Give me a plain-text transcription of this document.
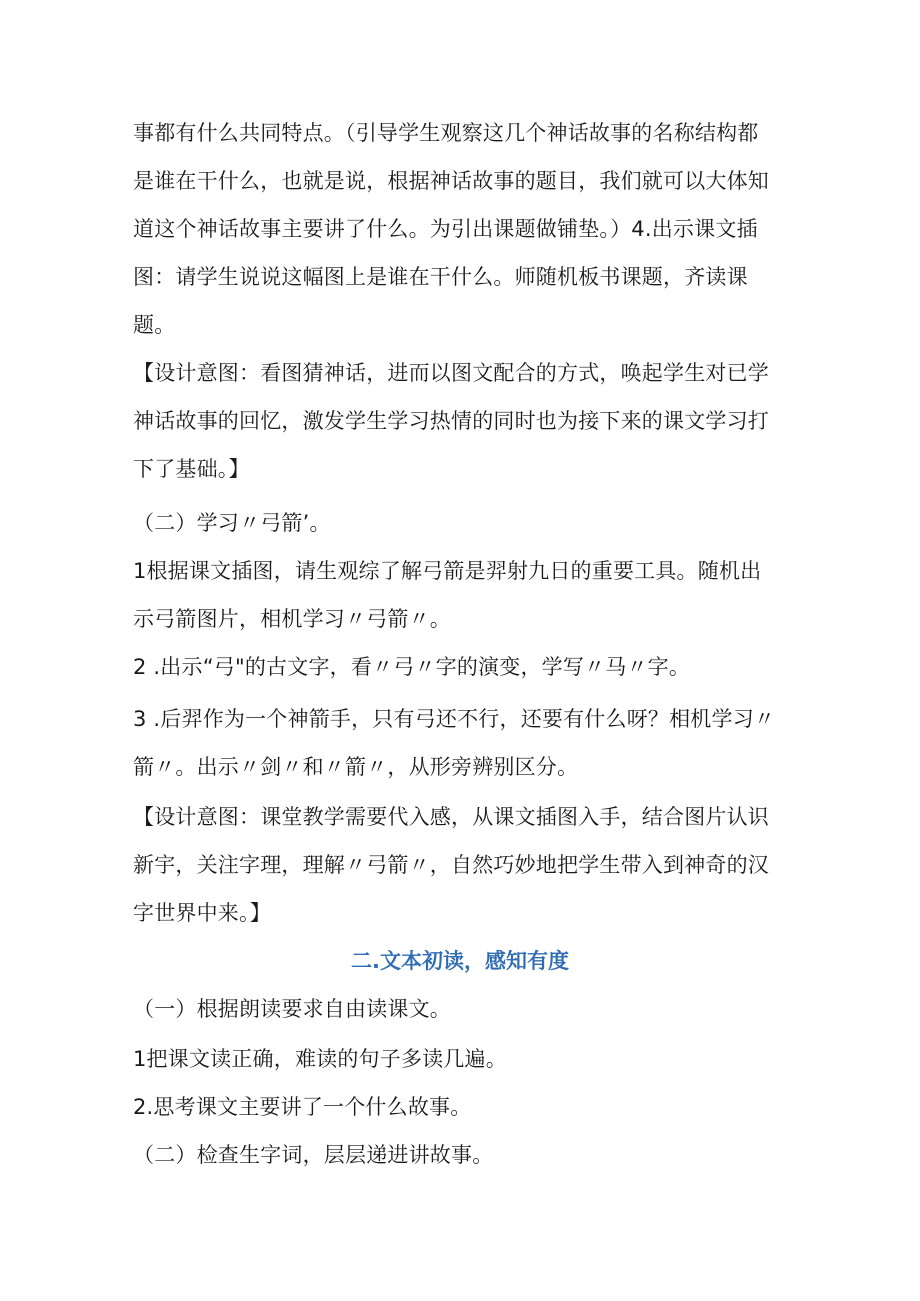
事都有什么共同特点。（引导学生观察这几个神话故事的名称结构都
是谁在干什么，也就是说，根据神话故事的题目，我们就可以大体知
道这个神话故事主要讲了什么。为引出课题做铺垫。）4.出示课文插
图：请学生说说这幅图上是谁在干什么。师随机板书课题，齐读课
题。
【设计意图：看图猜神话，进而以图文配合的方式，唤起学生对已学
神话故事的回忆，激发学生学习热情的同时也为接下来的课文学习打
下了基础。】
（二）学习〃弓箭’。
1根据课文插图，请生观综了解弓箭是羿射九日的重要工具。随机出
示弓箭图片，相机学习〃弓箭〃。
2 .出示“弓"的古文字，看〃弓〃字的演变，学写〃马〃字。
3 .后羿作为一个神箭手，只有弓还不行，还要有什么呀？相机学习〃
箭〃。出示〃剑〃和〃箭〃，从形旁辨别区分。
【设计意图：课堂教学需要代入感，从课文插图入手，结合图片认识
新宇，关注字理，理解〃弓箭〃，自然巧妙地把学生带入到神奇的汉
字世界中来。】
二.文本初读，感知有度
（一）根据朗读要求自由读课文。
1把课文读正确，难读的句子多读几遍。
2.思考课文主要讲了一个什么故事。
（二）检查生字词，层层递进讲故事。
